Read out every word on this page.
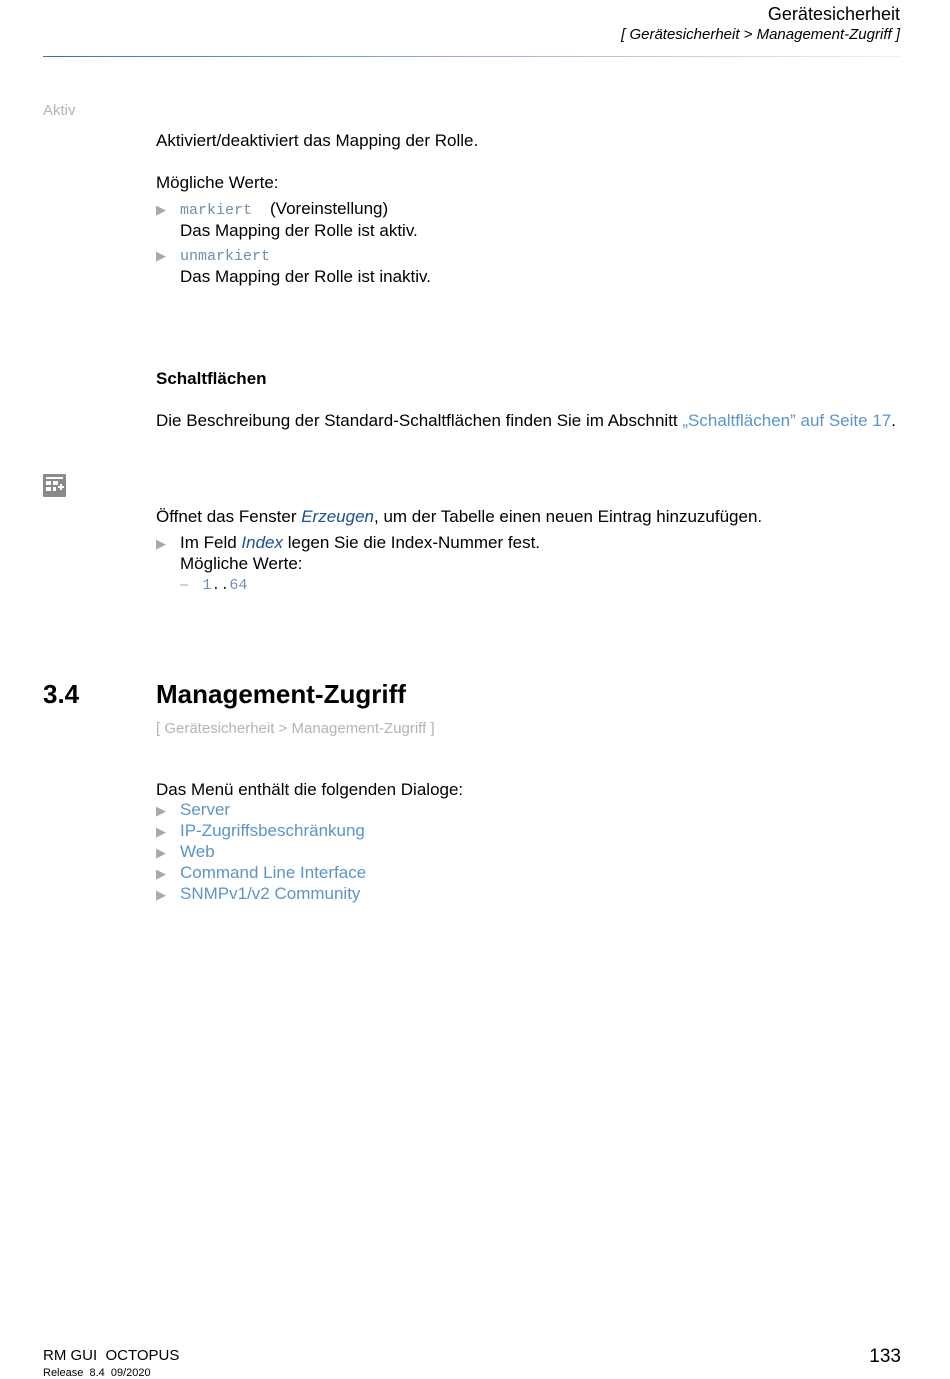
Gerätesicherheit
[ Gerätesicherheit > Management-Zugriff ]
Aktiv
Aktiviert/deaktiviert das Mapping der Rolle.
Mögliche Werte:
▶ markiert (Voreinstellung)
Das Mapping der Rolle ist aktiv.
▶ unmarkiert
Das Mapping der Rolle ist inaktiv.
Schaltflächen
Die Beschreibung der Standard-Schaltflächen finden Sie im Abschnitt „Schaltflächen” auf Seite 17.
Öffnet das Fenster Erzeugen, um der Tabelle einen neuen Eintrag hinzuzufügen.
▶ Im Feld Index legen Sie die Index-Nummer fest.
Mögliche Werte:
– 1..64
3.4	Management-Zugriff
[ Gerätesicherheit > Management-Zugriff ]
Das Menü enthält die folgenden Dialoge:
▶ Server
▶ IP-Zugriffsbeschränkung
▶ Web
▶ Command Line Interface
▶ SNMPv1/v2 Community
RM GUI  OCTOPUS
Release  8.4  09/2020
133
